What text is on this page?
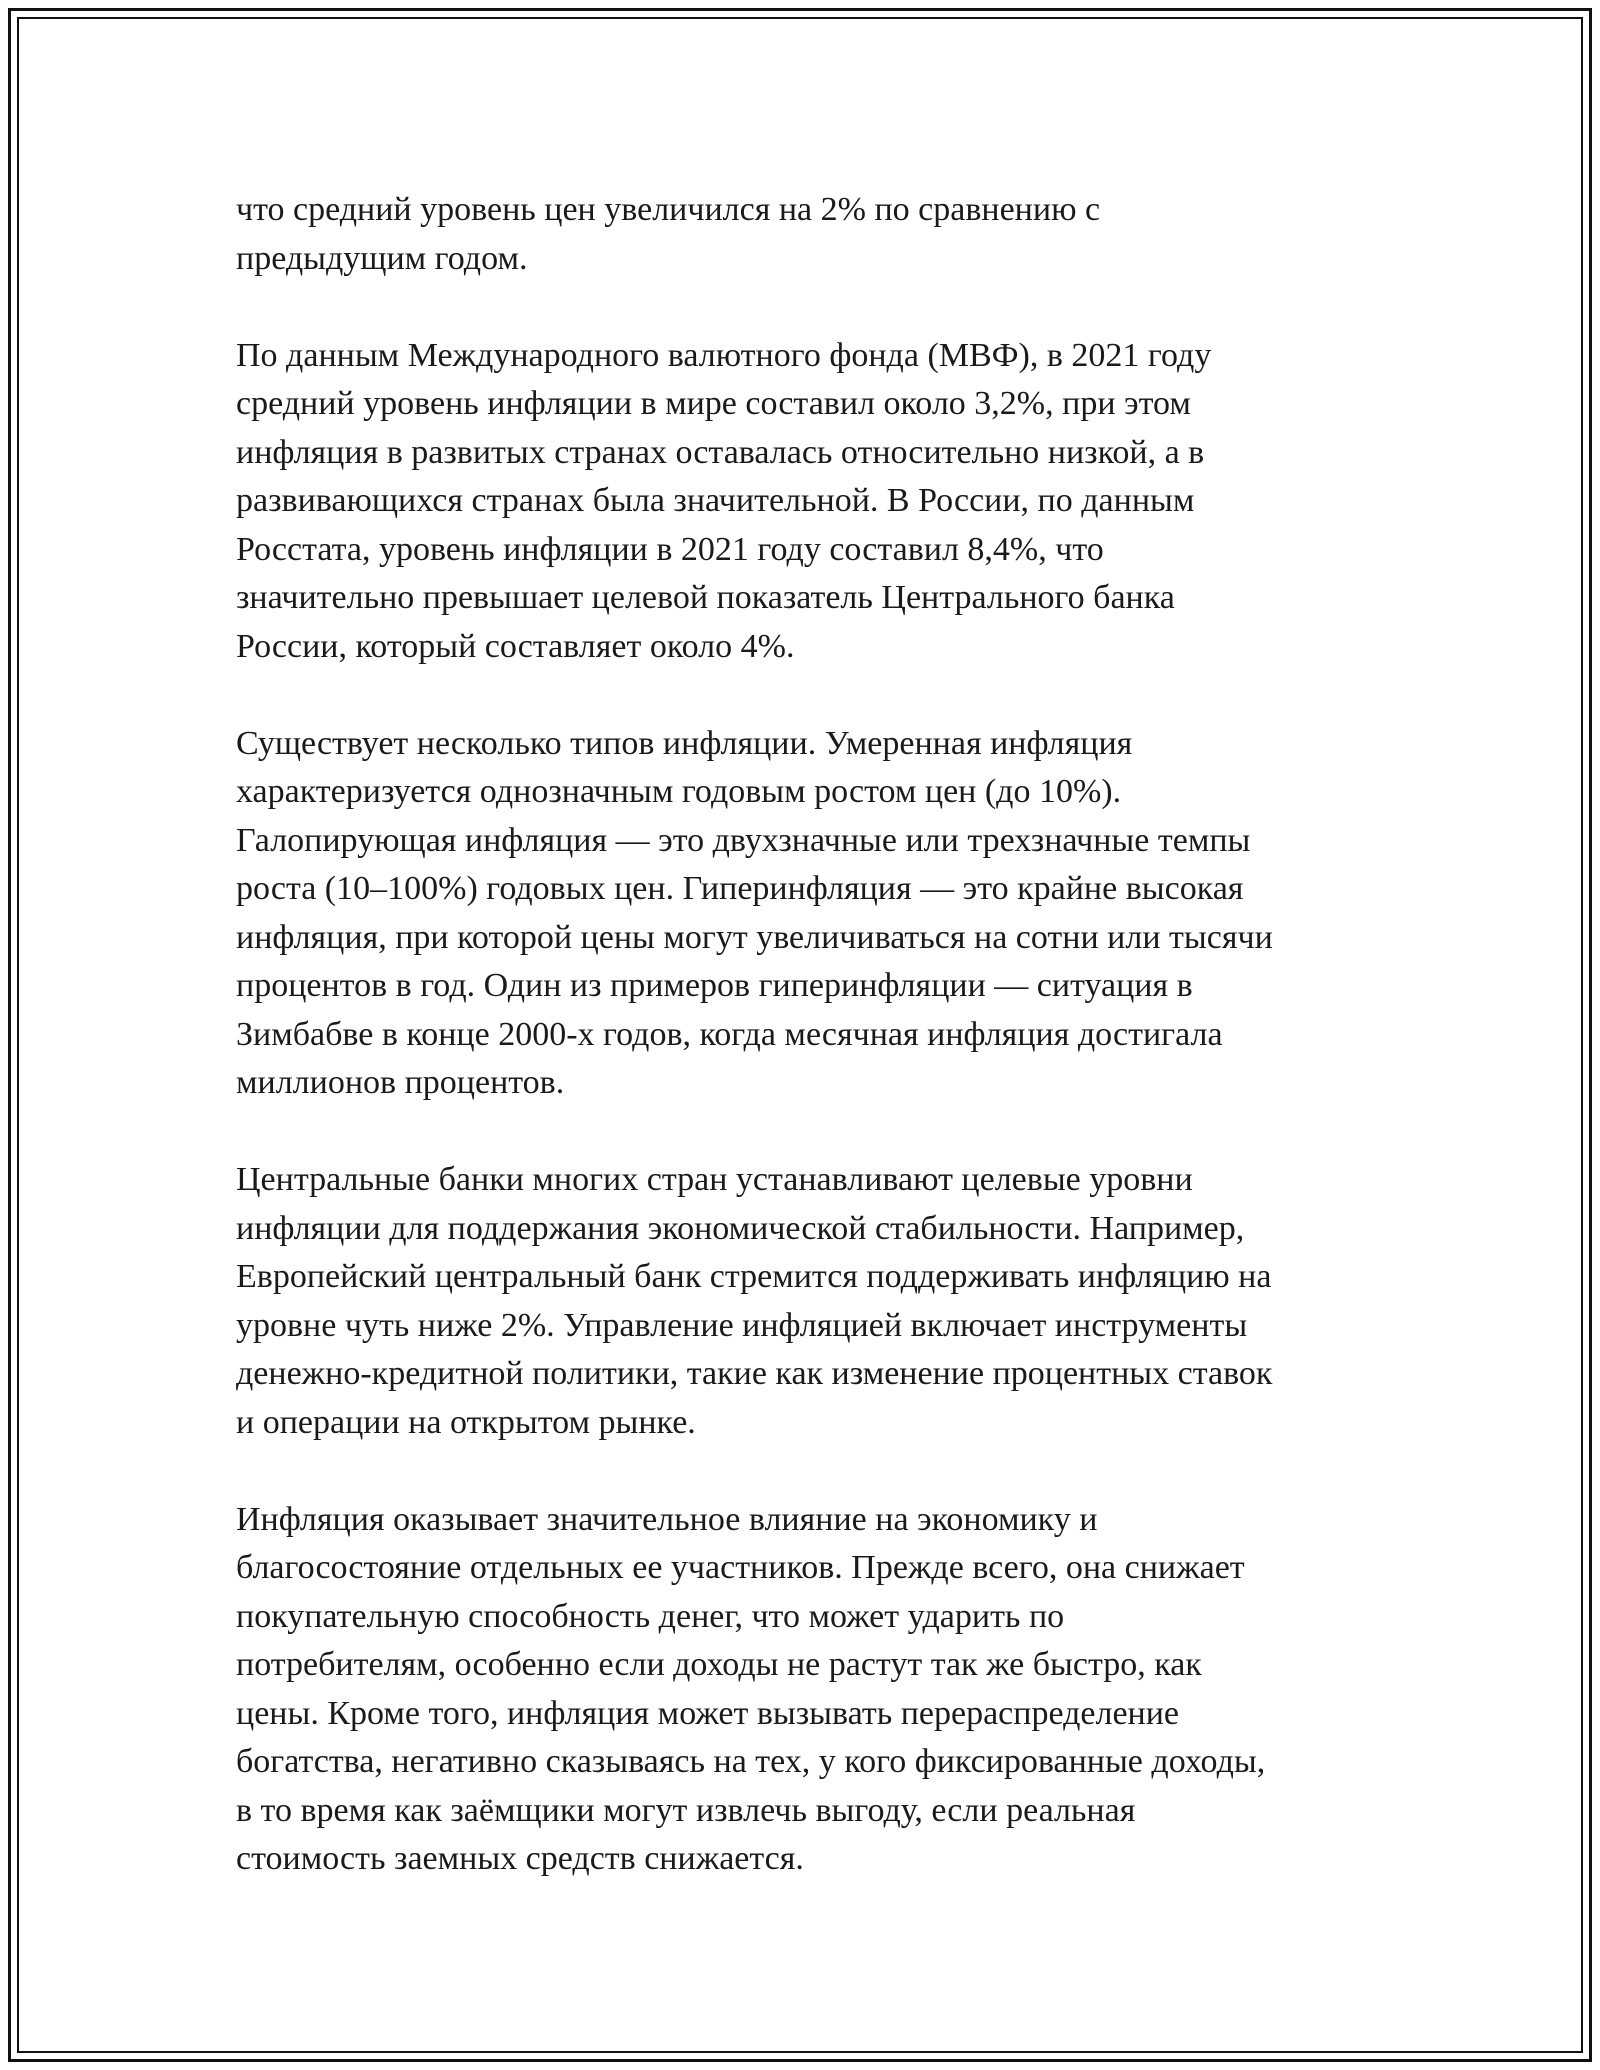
что средний уровень цен увеличился на 2% по сравнению с
предыдущим годом.

По данным Международного валютного фонда (МВФ), в 2021 году
средний уровень инфляции в мире составил около 3,2%, при этом
инфляция в развитых странах оставалась относительно низкой, а в
развивающихся странах была значительной. В России, по данным
Росстата, уровень инфляции в 2021 году составил 8,4%, что
значительно превышает целевой показатель Центрального банка
России, который составляет около 4%.

Существует несколько типов инфляции. Умеренная инфляция
характеризуется однозначным годовым ростом цен (до 10%).
Галопирующая инфляция — это двухзначные или трехзначные темпы
роста (10–100%) годовых цен. Гиперинфляция — это крайне высокая
инфляция, при которой цены могут увеличиваться на сотни или тысячи
процентов в год. Один из примеров гиперинфляции — ситуация в
Зимбабве в конце 2000-х годов, когда месячная инфляция достигала
миллионов процентов.

Центральные банки многих стран устанавливают целевые уровни
инфляции для поддержания экономической стабильности. Например,
Европейский центральный банк стремится поддерживать инфляцию на
уровне чуть ниже 2%. Управление инфляцией включает инструменты
денежно-кредитной политики, такие как изменение процентных ставок
и операции на открытом рынке.

Инфляция оказывает значительное влияние на экономику и
благосостояние отдельных ее участников. Прежде всего, она снижает
покупательную способность денег, что может ударить по
потребителям, особенно если доходы не растут так же быстро, как
цены. Кроме того, инфляция может вызывать перераспределение
богатства, негативно сказываясь на тех, у кого фиксированные доходы,
в то время как заёмщики могут извлечь выгоду, если реальная
стоимость заемных средств снижается.
